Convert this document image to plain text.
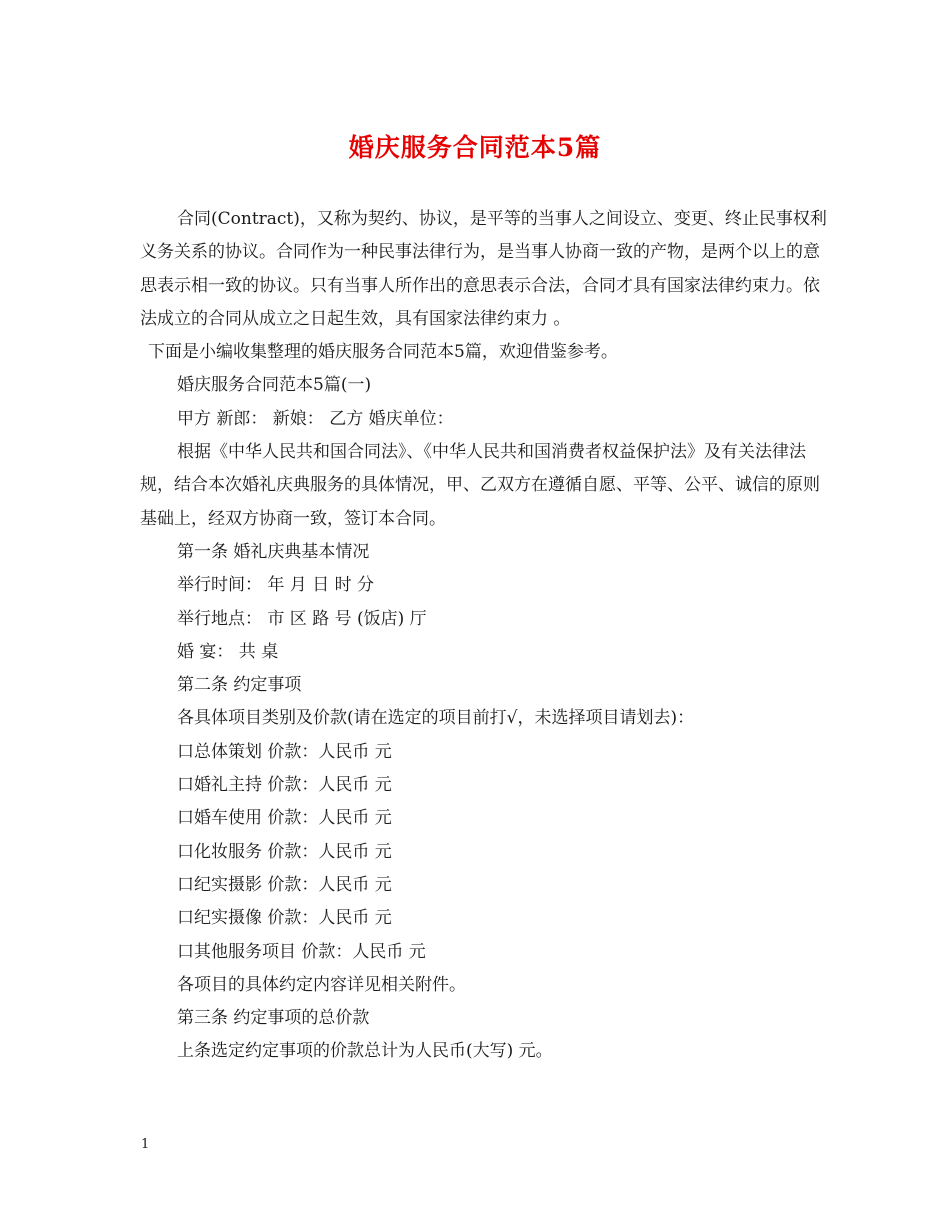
婚庆服务合同范本5篇

合同(Contract)，又称为契约、协议，是平等的当事人之间设立、变更、终止民事权利义务关系的协议。合同作为一种民事法律行为，是当事人协商一致的产物，是两个以上的意思表示相一致的协议。只有当事人所作出的意思表示合法，合同才具有国家法律约束力。依法成立的合同从成立之日起生效，具有国家法律约束力 。

下面是小编收集整理的婚庆服务合同范本5篇，欢迎借鉴参考。

婚庆服务合同范本5篇(一)

甲方 新郎： 新娘： 乙方 婚庆单位：

根据《中华人民共和国合同法》、《中华人民共和国消费者权益保护法》及有关法律法规，结合本次婚礼庆典服务的具体情况，甲、乙双方在遵循自愿、平等、公平、诚信的原则基础上，经双方协商一致，签订本合同。

第一条 婚礼庆典基本情况

举行时间： 年 月 日 时 分

举行地点： 市 区 路 号 (饭店) 厅

婚 宴： 共 桌

第二条 约定事项

各具体项目类别及价款(请在选定的项目前打√，未选择项目请划去)：

口总体策划 价款：人民币 元

口婚礼主持 价款：人民币 元

口婚车使用 价款：人民币 元

口化妆服务 价款：人民币 元

口纪实摄影 价款：人民币 元

口纪实摄像 价款：人民币 元

口其他服务项目 价款：人民币 元

各项目的具体约定内容详见相关附件。

第三条 约定事项的总价款

上条选定约定事项的价款总计为人民币(大写) 元。

1
